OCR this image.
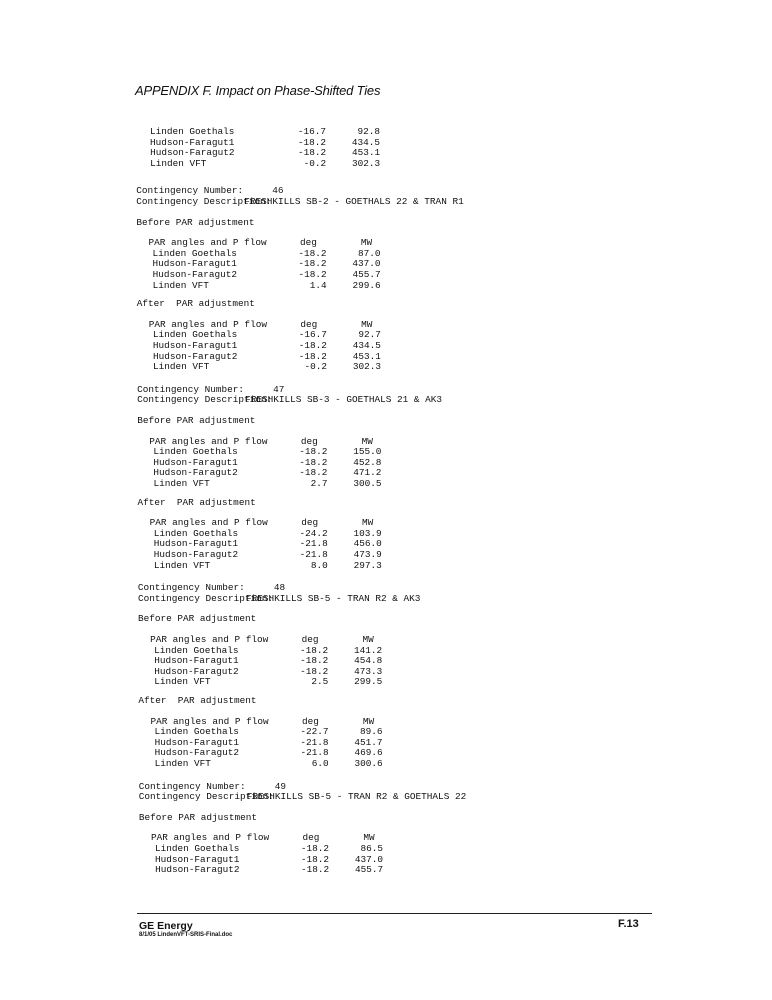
APPENDIX F. Impact on Phase-Shifted Ties
Linden Goethals	-16.7	92.8
Hudson-Faragut1	-18.2	434.5
Hudson-Faragut2	-18.2	453.1
Linden VFT	-0.2	302.3
Contingency Number:	46
Contingency Description:
FRESHKILLS SB-2 - GOETHALS 22 & TRAN R1
Before PAR adjustment
PAR angles and P flow	deg	MW
Linden Goethals	-18.2	87.0
Hudson-Faragut1	-18.2	437.0
Hudson-Faragut2	-18.2	455.7
Linden VFT	1.4	299.6
After  PAR adjustment
PAR angles and P flow	deg	MW
Linden Goethals	-16.7	92.7
Hudson-Faragut1	-18.2	434.5
Hudson-Faragut2	-18.2	453.1
Linden VFT	-0.2	302.3
Contingency Number:	47
Contingency Description:
FRESHKILLS SB-3 - GOETHALS 21 & AK3
Before PAR adjustment
PAR angles and P flow	deg	MW
Linden Goethals	-18.2	155.0
Hudson-Faragut1	-18.2	452.8
Hudson-Faragut2	-18.2	471.2
Linden VFT	2.7	300.5
After  PAR adjustment
PAR angles and P flow	deg	MW
Linden Goethals	-24.2	103.9
Hudson-Faragut1	-21.8	456.0
Hudson-Faragut2	-21.8	473.9
Linden VFT	8.0	297.3
Contingency Number:	48
Contingency Description:
FRESHKILLS SB-5 - TRAN R2 & AK3
Before PAR adjustment
PAR angles and P flow	deg	MW
Linden Goethals	-18.2	141.2
Hudson-Faragut1	-18.2	454.8
Hudson-Faragut2	-18.2	473.3
Linden VFT	2.5	299.5
After  PAR adjustment
PAR angles and P flow	deg	MW
Linden Goethals	-22.7	89.6
Hudson-Faragut1	-21.8	451.7
Hudson-Faragut2	-21.8	469.6
Linden VFT	6.0	300.6
Contingency Number:	49
Contingency Description:
FRESHKILLS SB-5 - TRAN R2 & GOETHALS 22
Before PAR adjustment
PAR angles and P flow	deg	MW
Linden Goethals	-18.2	86.5
Hudson-Faragut1	-18.2	437.0
Hudson-Faragut2	-18.2	455.7
GE Energy
8/1/05 LindenVFT-SRIS-Final.doc
F.13
